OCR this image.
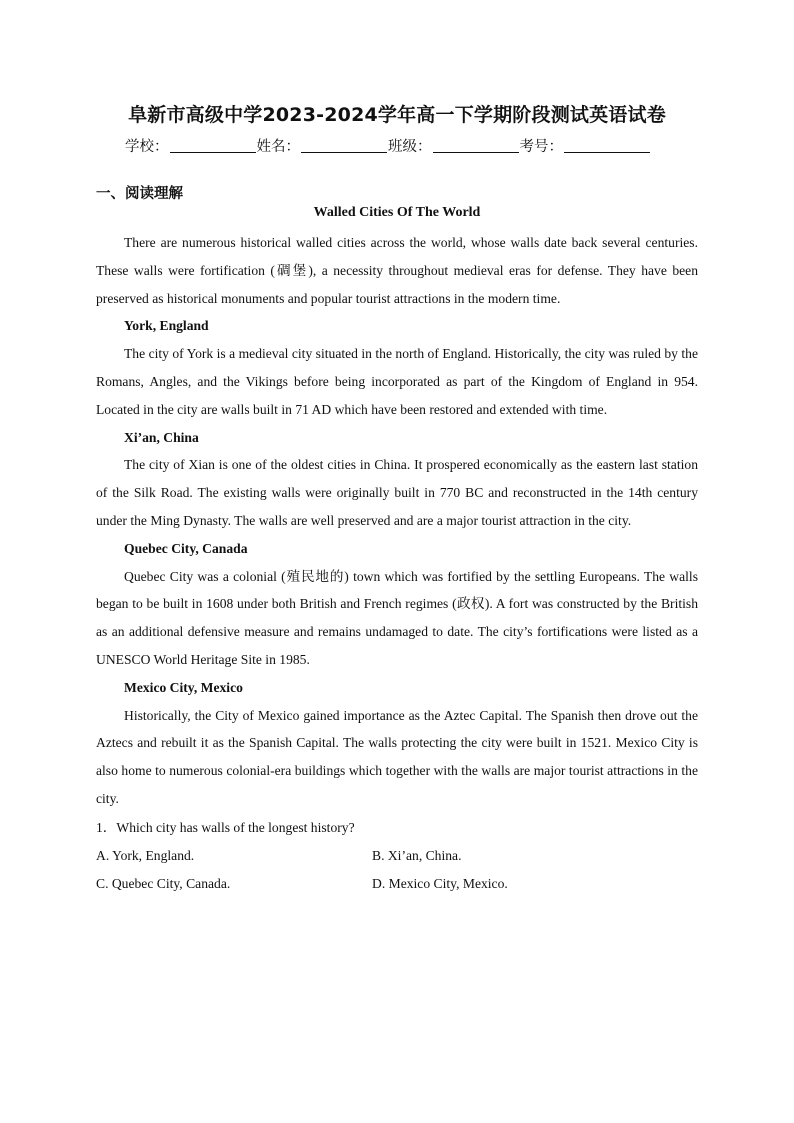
阜新市高级中学2023-2024学年高一下学期阶段测试英语试卷
学校：	姓名：	班级：	考号：
一、阅读理解
Walled Cities Of The World

There are numerous historical walled cities across the world, whose walls date back several centuries. These walls were fortification (碉堡), a necessity throughout medieval eras for defense. They have been preserved as historical monuments and popular tourist attractions in the modern time.

York, England

The city of York is a medieval city situated in the north of England. Historically, the city was ruled by the Romans, Angles, and the Vikings before being incorporated as part of the Kingdom of England in 954. Located in the city are walls built in 71 AD which have been restored and extended with time.

Xi’an, China

The city of Xian is one of the oldest cities in China. It prospered economically as the eastern last station of the Silk Road. The existing walls were originally built in 770 BC and reconstructed in the 14th century under the Ming Dynasty. The walls are well preserved and are a major tourist attraction in the city.

Quebec City, Canada

Quebec City was a colonial (殖民地的) town which was fortified by the settling Europeans. The walls began to be built in 1608 under both British and French regimes (政权). A fort was constructed by the British as an additional defensive measure and remains undamaged to date. The city’s fortifications were listed as a UNESCO World Heritage Site in 1985.

Mexico City, Mexico

Historically, the City of Mexico gained importance as the Aztec Capital. The Spanish then drove out the Aztecs and rebuilt it as the Spanish Capital. The walls protecting the city were built in 1521. Mexico City is also home to numerous colonial-era buildings which together with the walls are major tourist attractions in the city.

1．Which city has walls of the longest history?

A. York, England.	B. Xi’an, China.
C. Quebec City, Canada.	D. Mexico City, Mexico.
